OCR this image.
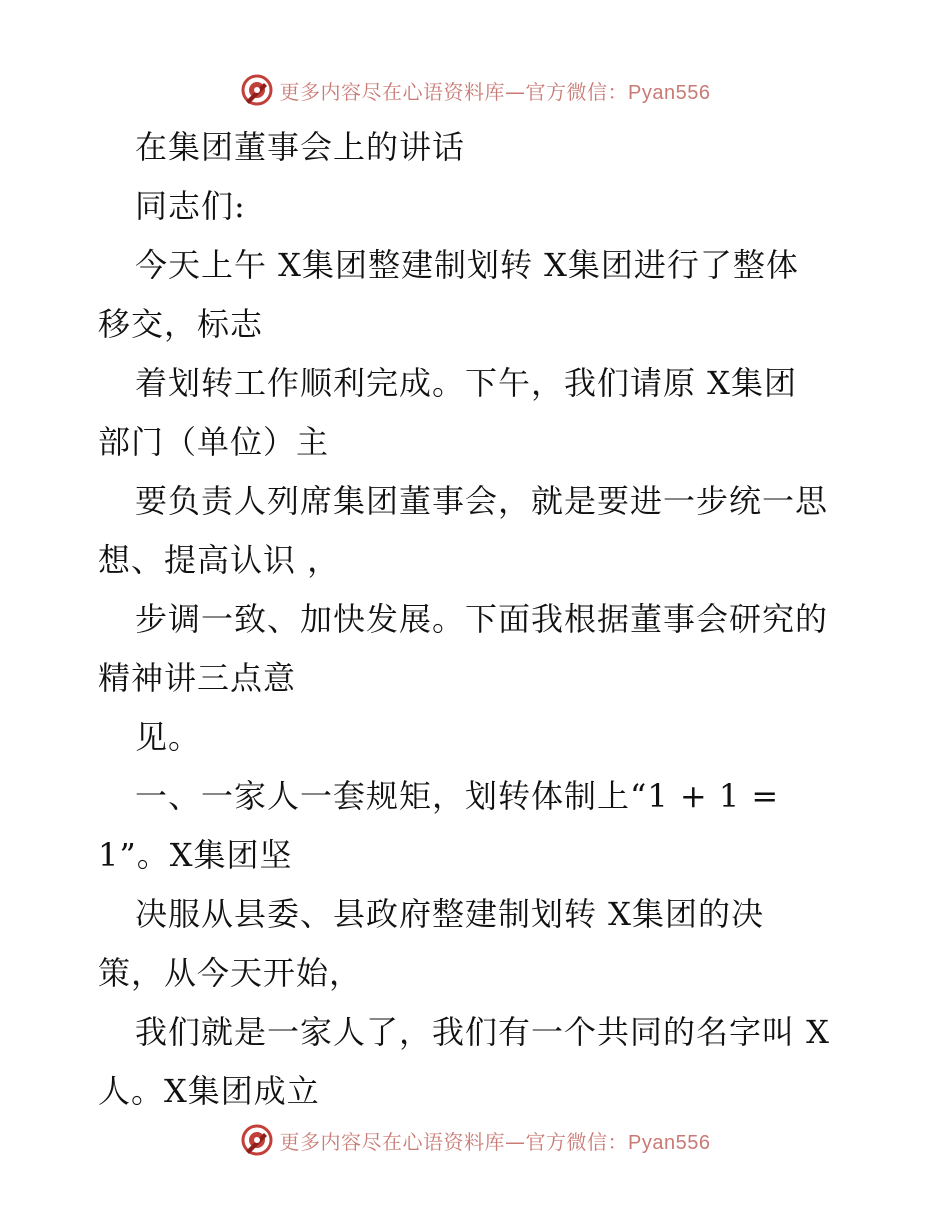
更多内容尽在心语资料库—官方微信：Pyan556
在集团董事会上的讲话
同志们:
今天上午 X集团整建制划转 X集团进行了整体
移交，标志
着划转工作顺利完成。下午，我们请原 X集团
部门（单位）主
要负责人列席集团董事会，就是要进一步统一思
想、提高认识 ，
步调一致、加快发展。下面我根据董事会研究的
精神讲三点意
见。
一、一家人一套规矩，划转体制上“1 + 1 =
1”。X集团坚
决服从县委、县政府整建制划转 X集团的决
策，从今天开始，
我们就是一家人了，我们有一个共同的名字叫 X
人。X集团成立
更多内容尽在心语资料库—官方微信：Pyan556
